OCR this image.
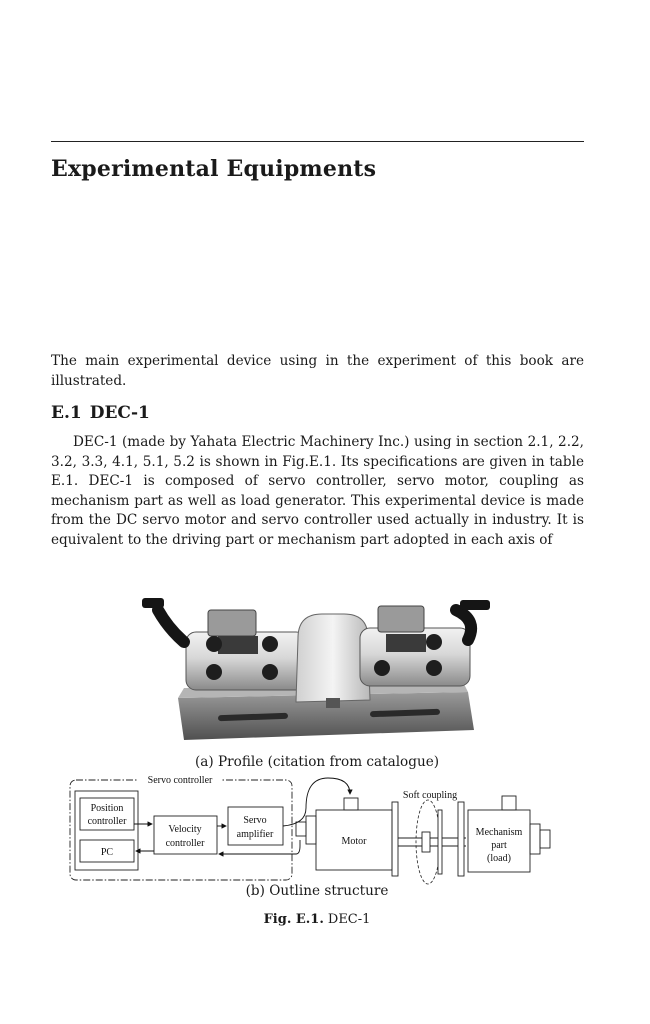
Experimental Equipments

The main experimental device using in the experiment of this book are illustrated.

E.1 DEC-1

DEC-1 (made by Yahata Electric Machinery Inc.) using in section 2.1, 2.2, 3.2, 3.3, 4.1, 5.1, 5.2 is shown in Fig.E.1. Its specifications are given in table E.1. DEC-1 is composed of servo controller, servo motor, coupling as mechanism part as well as load generator. This experimental device is made from the DC servo motor and servo controller used actually in industry. It is equivalent to the driving part or mechanism part adopted in each axis of

(a) Profile (citation from catalogue)
Servo controller
Position
controller
PC
Velocity
controller
Servo
amplifier
Motor
Soft coupling
Mechanism
part
(load)
(b) Outline structure
Fig. E.1. DEC-1
